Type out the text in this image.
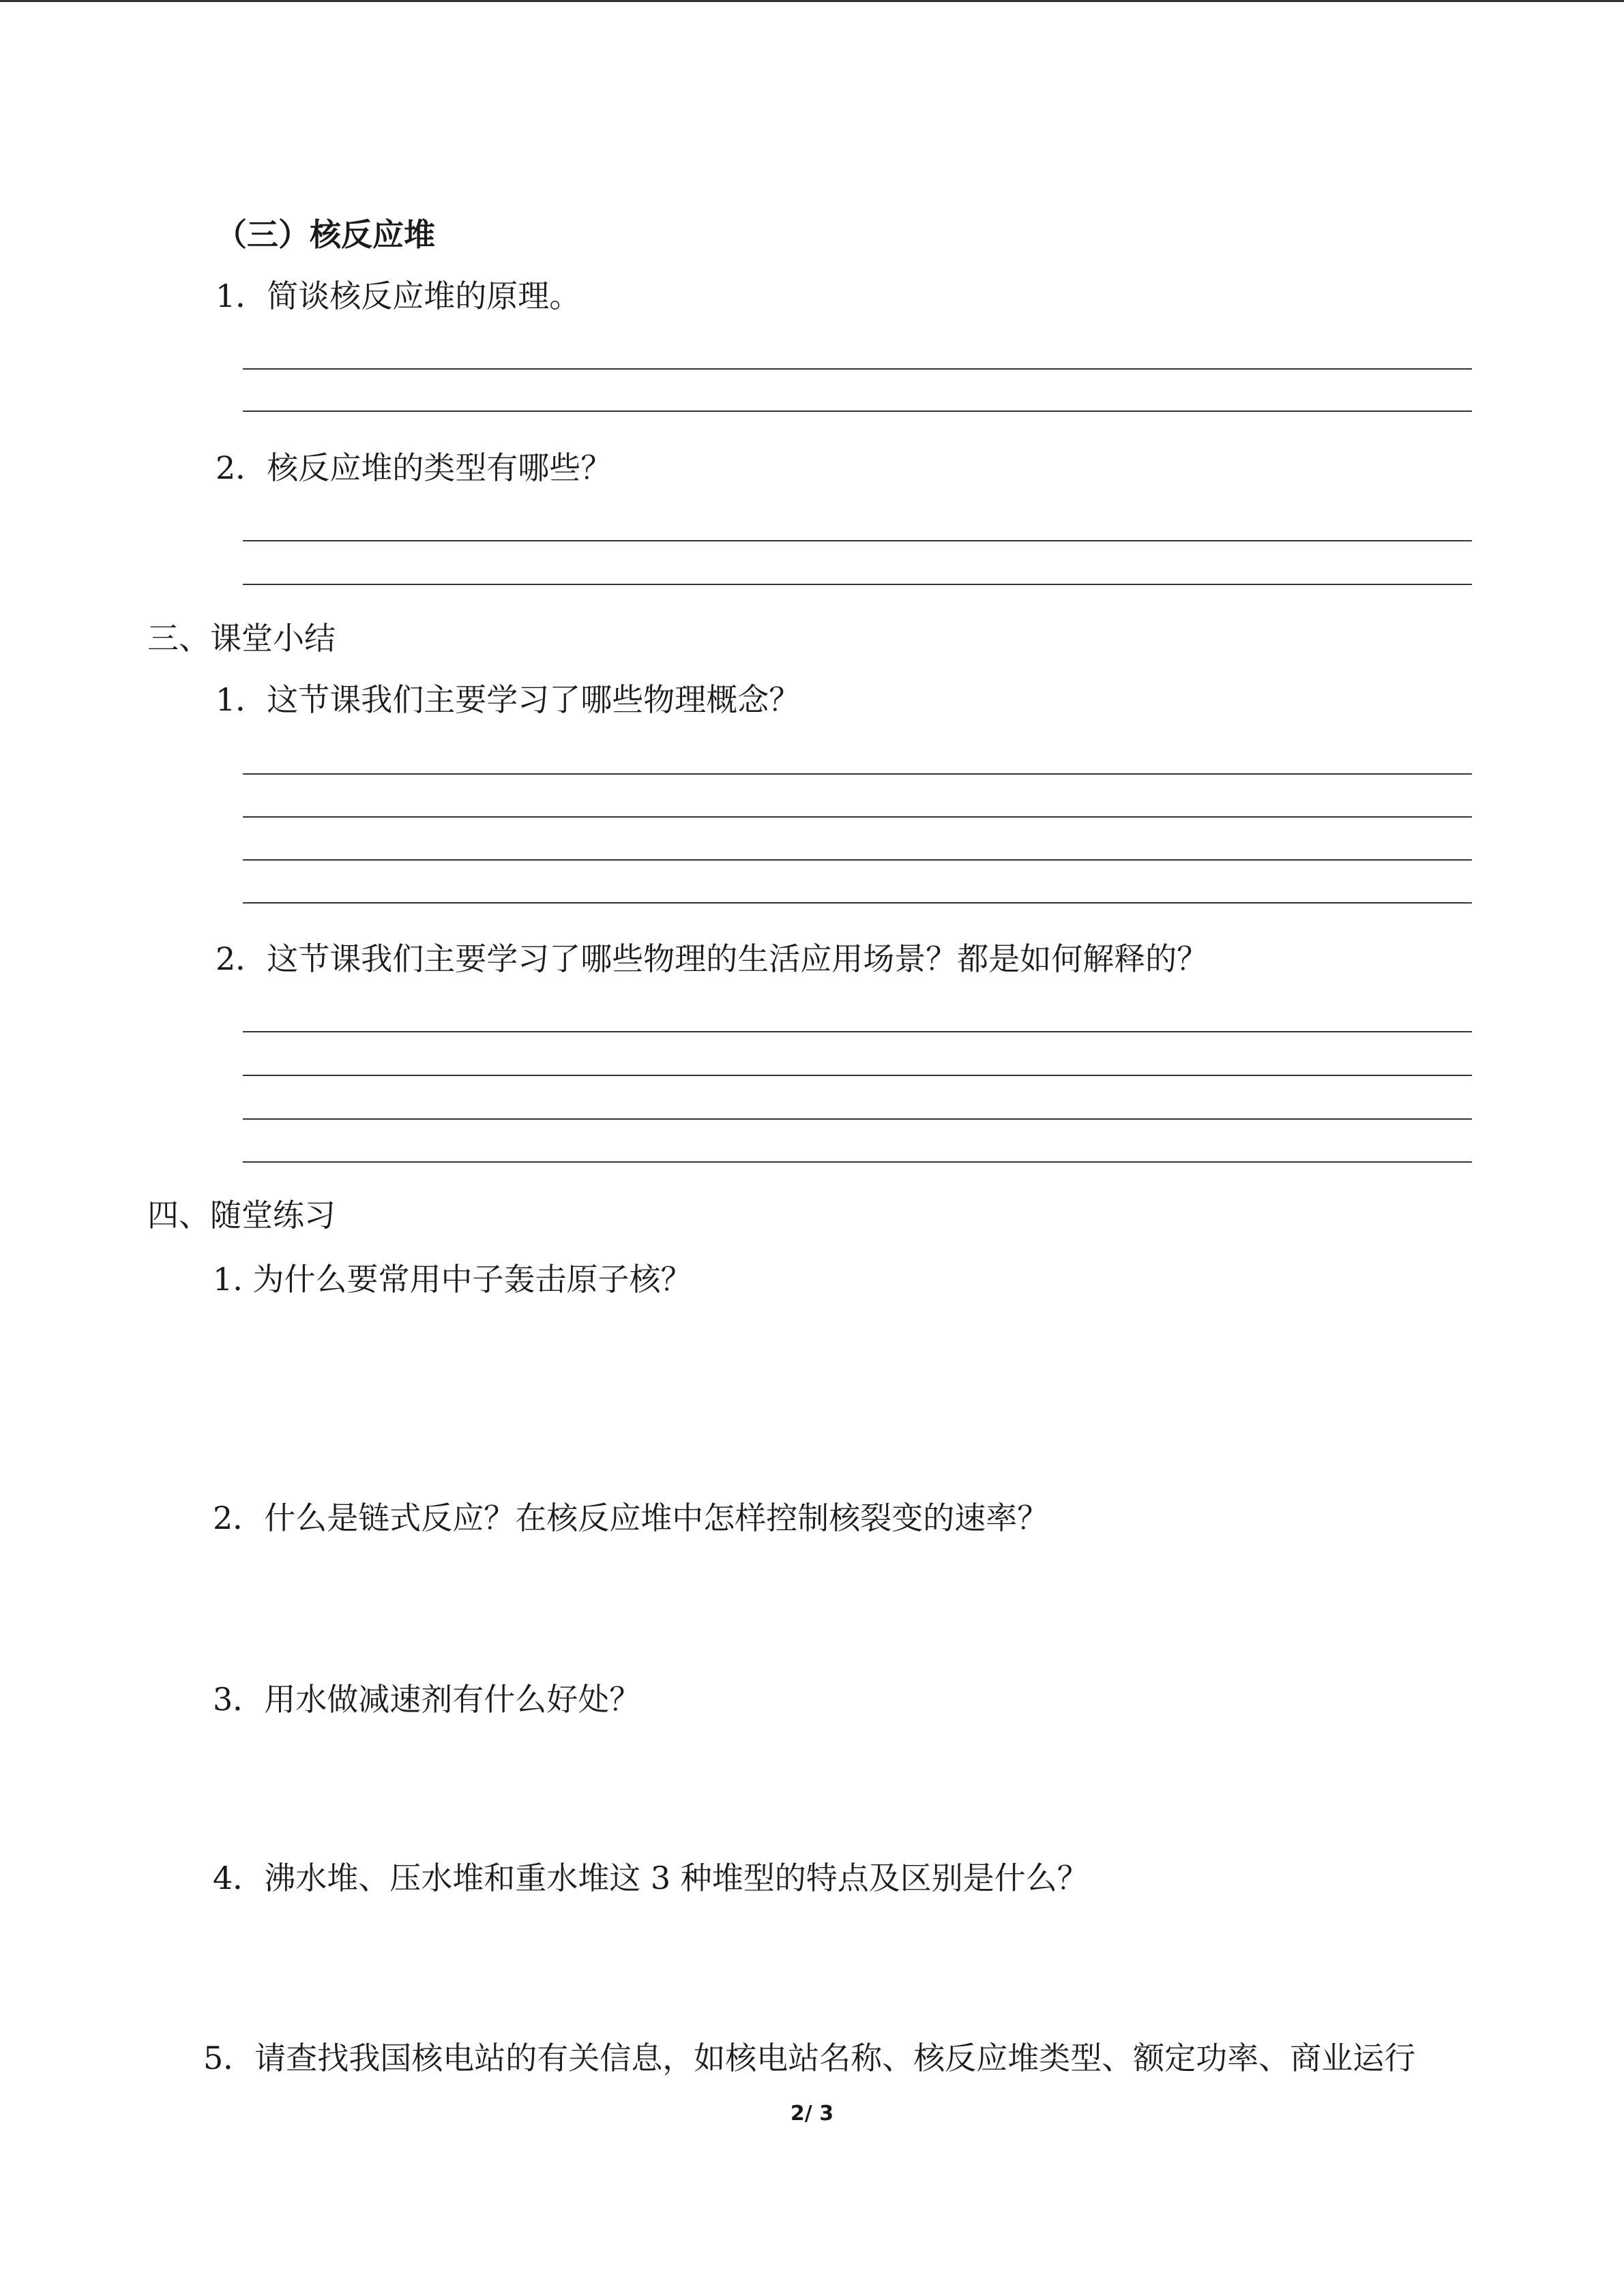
（三）核反应堆
1．简谈核反应堆的原理。
2．核反应堆的类型有哪些？
三、课堂小结
1．这节课我们主要学习了哪些物理概念？
2．这节课我们主要学习了哪些物理的生活应用场景？都是如何解释的？
四、随堂练习
1. 为什么要常用中子轰击原子核？
2．什么是链式反应？在核反应堆中怎样控制核裂变的速率？
3．用水做减速剂有什么好处？
4．沸水堆、压水堆和重水堆这 3 种堆型的特点及区别是什么？
5．请查找我国核电站的有关信息，如核电站名称、核反应堆类型、额定功率、商业运行
2/ 3
